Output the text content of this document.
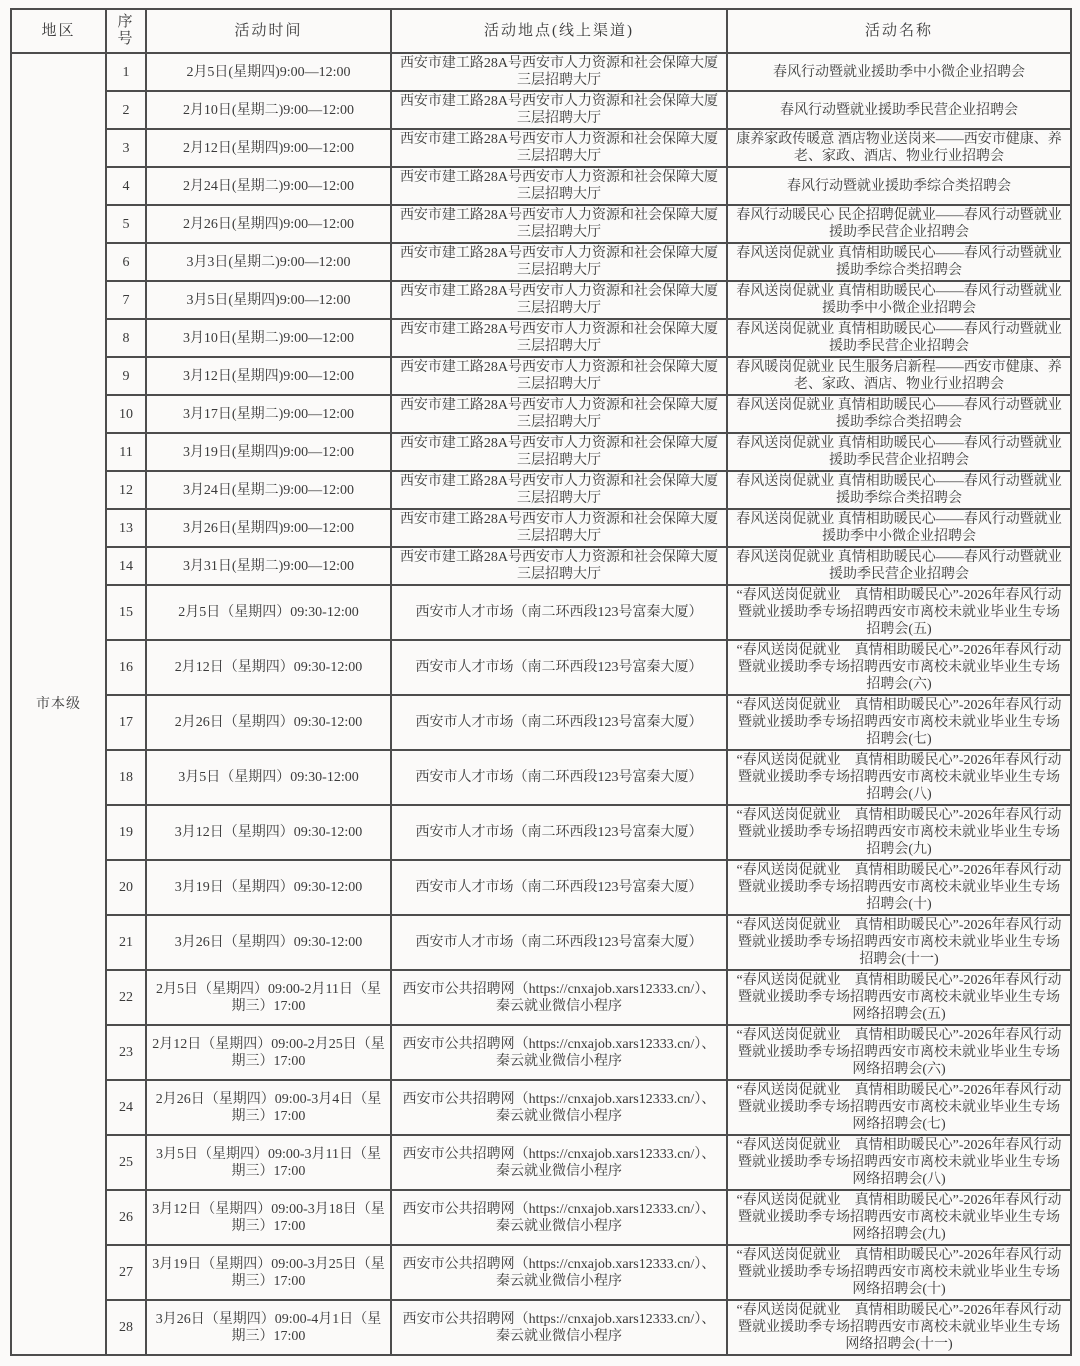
地区	序号	活动时间	活动地点(线上渠道)	活动名称
市本级	1	2月5日(星期四)9:00—12:00	西安市建工路28A号西安市人力资源和社会保障大厦三层招聘大厅	春风行动暨就业援助季中小微企业招聘会
	2	2月10日(星期二)9:00—12:00	西安市建工路28A号西安市人力资源和社会保障大厦三层招聘大厅	春风行动暨就业援助季民营企业招聘会
	3	2月12日(星期四)9:00—12:00	西安市建工路28A号西安市人力资源和社会保障大厦三层招聘大厅	康养家政传暖意 酒店物业送岗来——西安市健康、养老、家政、酒店、物业行业招聘会
	4	2月24日(星期二)9:00—12:00	西安市建工路28A号西安市人力资源和社会保障大厦三层招聘大厅	春风行动暨就业援助季综合类招聘会
	5	2月26日(星期四)9:00—12:00	西安市建工路28A号西安市人力资源和社会保障大厦三层招聘大厅	春风行动暖民心 民企招聘促就业——春风行动暨就业援助季民营企业招聘会
	6	3月3日(星期二)9:00—12:00	西安市建工路28A号西安市人力资源和社会保障大厦三层招聘大厅	春风送岗促就业 真情相助暖民心——春风行动暨就业援助季综合类招聘会
	7	3月5日(星期四)9:00—12:00	西安市建工路28A号西安市人力资源和社会保障大厦三层招聘大厅	春风送岗促就业 真情相助暖民心——春风行动暨就业援助季中小微企业招聘会
	8	3月10日(星期二)9:00—12:00	西安市建工路28A号西安市人力资源和社会保障大厦三层招聘大厅	春风送岗促就业 真情相助暖民心——春风行动暨就业援助季民营企业招聘会
	9	3月12日(星期四)9:00—12:00	西安市建工路28A号西安市人力资源和社会保障大厦三层招聘大厅	春风暖岗促就业 民生服务启新程——西安市健康、养老、家政、酒店、物业行业招聘会
	10	3月17日(星期二)9:00—12:00	西安市建工路28A号西安市人力资源和社会保障大厦三层招聘大厅	春风送岗促就业 真情相助暖民心——春风行动暨就业援助季综合类招聘会
	11	3月19日(星期四)9:00—12:00	西安市建工路28A号西安市人力资源和社会保障大厦三层招聘大厅	春风送岗促就业 真情相助暖民心——春风行动暨就业援助季民营企业招聘会
	12	3月24日(星期二)9:00—12:00	西安市建工路28A号西安市人力资源和社会保障大厦三层招聘大厅	春风送岗促就业 真情相助暖民心——春风行动暨就业援助季综合类招聘会
	13	3月26日(星期四)9:00—12:00	西安市建工路28A号西安市人力资源和社会保障大厦三层招聘大厅	春风送岗促就业 真情相助暖民心——春风行动暨就业援助季中小微企业招聘会
	14	3月31日(星期二)9:00—12:00	西安市建工路28A号西安市人力资源和社会保障大厦三层招聘大厅	春风送岗促就业 真情相助暖民心——春风行动暨就业援助季民营企业招聘会
	15	2月5日（星期四）09:30-12:00	西安市人才市场（南二环西段123号富秦大厦）	“春风送岗促就业　真情相助暖民心”-2026年春风行动暨就业援助季专场招聘西安市离校未就业毕业生专场招聘会(五)
	16	2月12日（星期四）09:30-12:00	西安市人才市场（南二环西段123号富秦大厦）	“春风送岗促就业　真情相助暖民心”-2026年春风行动暨就业援助季专场招聘西安市离校未就业毕业生专场招聘会(六)
	17	2月26日（星期四）09:30-12:00	西安市人才市场（南二环西段123号富秦大厦）	“春风送岗促就业　真情相助暖民心”-2026年春风行动暨就业援助季专场招聘西安市离校未就业毕业生专场招聘会(七)
	18	3月5日（星期四）09:30-12:00	西安市人才市场（南二环西段123号富秦大厦）	“春风送岗促就业　真情相助暖民心”-2026年春风行动暨就业援助季专场招聘西安市离校未就业毕业生专场招聘会(八)
	19	3月12日（星期四）09:30-12:00	西安市人才市场（南二环西段123号富秦大厦）	“春风送岗促就业　真情相助暖民心”-2026年春风行动暨就业援助季专场招聘西安市离校未就业毕业生专场招聘会(九)
	20	3月19日（星期四）09:30-12:00	西安市人才市场（南二环西段123号富秦大厦）	“春风送岗促就业　真情相助暖民心”-2026年春风行动暨就业援助季专场招聘西安市离校未就业毕业生专场招聘会(十)
	21	3月26日（星期四）09:30-12:00	西安市人才市场（南二环西段123号富秦大厦）	“春风送岗促就业　真情相助暖民心”-2026年春风行动暨就业援助季专场招聘西安市离校未就业毕业生专场招聘会(十一)
	22	2月5日（星期四）09:00-2月11日（星期三）17:00	西安市公共招聘网（https://cnxajob.xars12333.cn/）、秦云就业微信小程序	“春风送岗促就业　真情相助暖民心”-2026年春风行动暨就业援助季专场招聘西安市离校未就业毕业生专场网络招聘会(五)
	23	2月12日（星期四）09:00-2月25日（星期三）17:00	西安市公共招聘网（https://cnxajob.xars12333.cn/）、秦云就业微信小程序	“春风送岗促就业　真情相助暖民心”-2026年春风行动暨就业援助季专场招聘西安市离校未就业毕业生专场网络招聘会(六)
	24	2月26日（星期四）09:00-3月4日（星期三）17:00	西安市公共招聘网（https://cnxajob.xars12333.cn/）、秦云就业微信小程序	“春风送岗促就业　真情相助暖民心”-2026年春风行动暨就业援助季专场招聘西安市离校未就业毕业生专场网络招聘会(七)
	25	3月5日（星期四）09:00-3月11日（星期三）17:00	西安市公共招聘网（https://cnxajob.xars12333.cn/）、秦云就业微信小程序	“春风送岗促就业　真情相助暖民心”-2026年春风行动暨就业援助季专场招聘西安市离校未就业毕业生专场网络招聘会(八)
	26	3月12日（星期四）09:00-3月18日（星期三）17:00	西安市公共招聘网（https://cnxajob.xars12333.cn/）、秦云就业微信小程序	“春风送岗促就业　真情相助暖民心”-2026年春风行动暨就业援助季专场招聘西安市离校未就业毕业生专场网络招聘会(九)
	27	3月19日（星期四）09:00-3月25日（星期三）17:00	西安市公共招聘网（https://cnxajob.xars12333.cn/）、秦云就业微信小程序	“春风送岗促就业　真情相助暖民心”-2026年春风行动暨就业援助季专场招聘西安市离校未就业毕业生专场网络招聘会(十)
	28	3月26日（星期四）09:00-4月1日（星期三）17:00	西安市公共招聘网（https://cnxajob.xars12333.cn/）、秦云就业微信小程序	“春风送岗促就业　真情相助暖民心”-2026年春风行动暨就业援助季专场招聘西安市离校未就业毕业生专场网络招聘会(十一)
